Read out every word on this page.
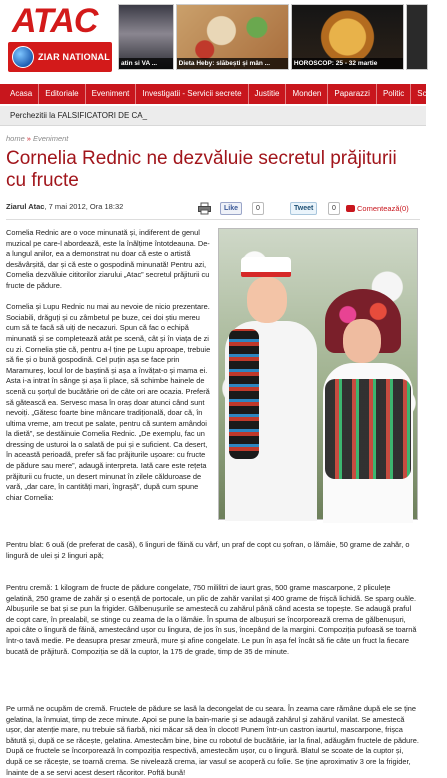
ATAC
ZIAR NATIONAL
atin si VA ...	Dieta Heby: slăbești și mân ...	HOROSCOP: 25 - 32 martie
Acasa	Editoriale	Eveniment	Investigatii - Servicii secrete	Justitie	Monden	Paparazzi	Politic	Scand
Perchezitii la FALSIFICATORI DE CA_
home » Eveniment
Cornelia Rednic ne dezvăluie secretul prăjiturii cu fructe
Ziarul Atac, 7 mai 2012, Ora 18:32	Like	0	Tweet	0	Comentează(0)

Cornelia Rednic are o voce minunată și, indiferent de genul muzical pe care-l abordează, este la înălțime întotdeauna. De-a lungul anilor, ea a demonstrat nu doar că este o artistă desăvârșită, dar și că este o gospodină minunată! Pentru azi, Cornelia dezvăluie cititorilor ziarului „Atac” secretul prăjiturii cu fructe de pădure.

Cornelia și Lupu Rednic nu mai au nevoie de nicio prezentare. Sociabili, drăguți și cu zâmbetul pe buze, cei doi știu mereu cum să te facă să uiți de necazuri. Spun că fac o echipă minunată și se completează atât pe scenă, cât și în viața de zi cu zi. Cornelia știe că, pentru a-l ține pe Lupu aproape, trebuie să fie și o bună gospodină. Cel puțin așa se face prin Maramureș, locul lor de baștină și așa a învățat-o și mama ei. Asta i-a intrat în sânge și așa îi place, să schimbe hainele de scenă cu șorțul de bucătărie ori de câte ori are ocazia. Preferă să gătească ea. Servesc masa în oraș doar atunci când sunt nevoiți. „Gătesc foarte bine mâncare tradițională, doar că, în ultima vreme, am trecut pe salate, pentru că suntem amândoi la dietă”, se destăinuie Cornelia Rednic. „De exemplu, fac un dressing de usturoi la o salată de pui și e suficient. Ca desert, în această perioadă, prefer să fac prăjiturile ușoare: cu fructe de pădure sau mere”, adaugă interpreta. Iată care este rețeta prăjiturii cu fructe, un desert minunat în zilele călduroase de vară, „dar care, în cantități mari, îngrașă”, după cum spune chiar Cornelia:

Pentru blat: 6 ouă (de preferat de casă), 6 linguri de făină cu vârf, un praf de copt cu șofran, o lămâie, 50 grame de zahăr, o lingură de ulei și 2 linguri apă;
Pentru cremă: 1 kilogram de fructe de pădure congelate, 750 mililitri de iaurt gras, 500 grame mascarpone, 2 pliculețe gelatină, 250 grame de zahăr și o esență de portocale, un plic de zahăr vanilat și 400 grame de frișcă lichidă. Se sparg ouăle. Albușurile se bat și se pun la frigider. Gălbenușurile se amestecă cu zahărul până când acesta se topește. Se adaugă praful de copt care, în prealabil, se stinge cu zeama de la o lămâie. În spuma de albușuri se încorporează crema de gălbenușuri, apoi câte o lingură de făină, amestecând ușor cu lingura, de jos în sus, începând de la margini. Compoziția pufoasă se toarnă într-o tavă medie. Pe deasupra presar zmeură, mure și afine congelate. Le pun în așa fel încât să fie câte un fruct la fiecare bucată de prăjitură. Compoziția se dă la cuptor, la 175 de grade, timp de 35 de minute.
Pe urmă ne ocupăm de cremă. Fructele de pădure se lasă la decongelat de cu seara. În zeama care rămâne după ele se ține gelatina, la înmuiat, timp de zece minute. Apoi se pune la bain-marie și se adaugă zahărul și zahărul vanilat. Se amestecă ușor, dar atenție mare, nu trebuie să fiarbă, nici măcar să dea în clocot! Punem într-un castron iaurtul, mascarpone, frișca bătută și, după ce se răcește, gelatina. Amestecăm bine, bine cu robotul de bucătărie, iar la final, adăugăm fructele de pădure. După ce fructele se încorporează în compoziția respectivă, amestecăm ușor, cu o lingură. Blatul se scoate de la cuptor și, după ce se răcește, se toarnă crema. Se nivelează crema, iar vasul se acoperă cu folie. Se ține aproximativ 3 ore la frigider, înainte de a se servi acest desert răcoritor. Poftă bună!
